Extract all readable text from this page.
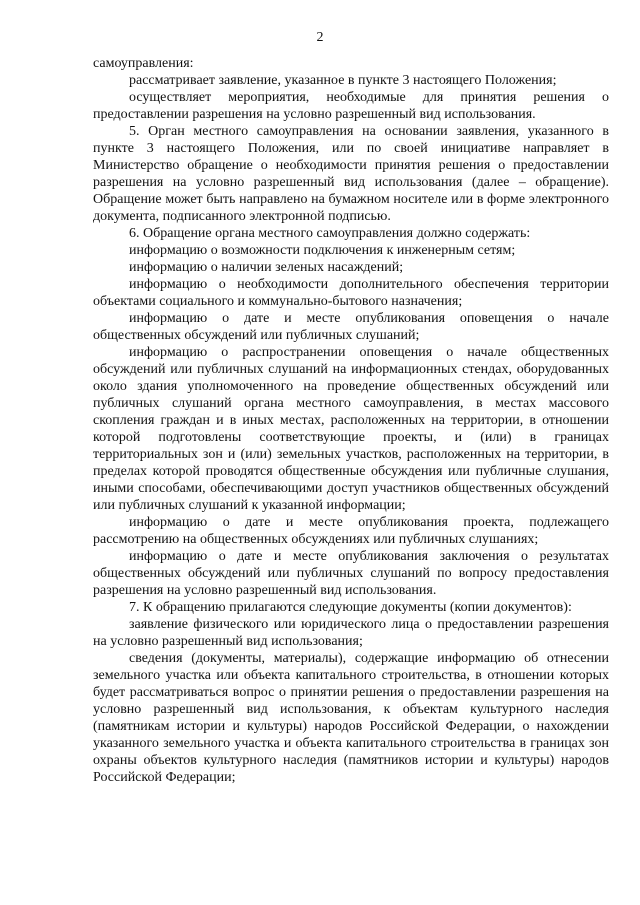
2

самоуправления:

рассматривает заявление, указанное в пункте 3 настоящего Положения;

осуществляет мероприятия, необходимые для принятия решения о предоставлении разрешения на условно разрешенный вид использования.

5. Орган местного самоуправления на основании заявления, указанного в пункте 3 настоящего Положения, или по своей инициативе направляет в Министерство обращение о необходимости принятия решения о предоставлении разрешения на условно разрешенный вид использования (далее – обращение). Обращение может быть направлено на бумажном носителе или в форме электронного документа, подписанного электронной подписью.

6. Обращение органа местного самоуправления должно содержать:

информацию о возможности подключения к инженерным сетям;

информацию о наличии зеленых насаждений;

информацию о необходимости дополнительного обеспечения территории объектами социального и коммунально-бытового назначения;

информацию о дате и месте опубликования оповещения о начале общественных обсуждений или публичных слушаний;

информацию о распространении оповещения о начале общественных обсуждений или публичных слушаний на информационных стендах, оборудованных около здания уполномоченного на проведение общественных обсуждений или публичных слушаний органа местного самоуправления, в местах массового скопления граждан и в иных местах, расположенных на территории, в отношении которой подготовлены соответствующие проекты, и (или) в границах территориальных зон и (или) земельных участков, расположенных на территории, в пределах которой проводятся общественные обсуждения или публичные слушания, иными способами, обеспечивающими доступ участников общественных обсуждений или публичных слушаний к указанной информации;

информацию о дате и месте опубликования проекта, подлежащего рассмотрению на общественных обсуждениях или публичных слушаниях;

информацию о дате и месте опубликования заключения о результатах общественных обсуждений или публичных слушаний по вопросу предоставления разрешения на условно разрешенный вид использования.

7. К обращению прилагаются следующие документы (копии документов):

заявление физического или юридического лица о предоставлении разрешения на условно разрешенный вид использования;

сведения (документы, материалы), содержащие информацию об отнесении земельного участка или объекта капитального строительства, в отношении которых будет рассматриваться вопрос о принятии решения о предоставлении разрешения на условно разрешенный вид использования, к объектам культурного наследия (памятникам истории и культуры) народов Российской Федерации, о нахождении указанного земельного участка и объекта капитального строительства в границах зон охраны объектов культурного наследия (памятников истории и культуры) народов Российской Федерации;
